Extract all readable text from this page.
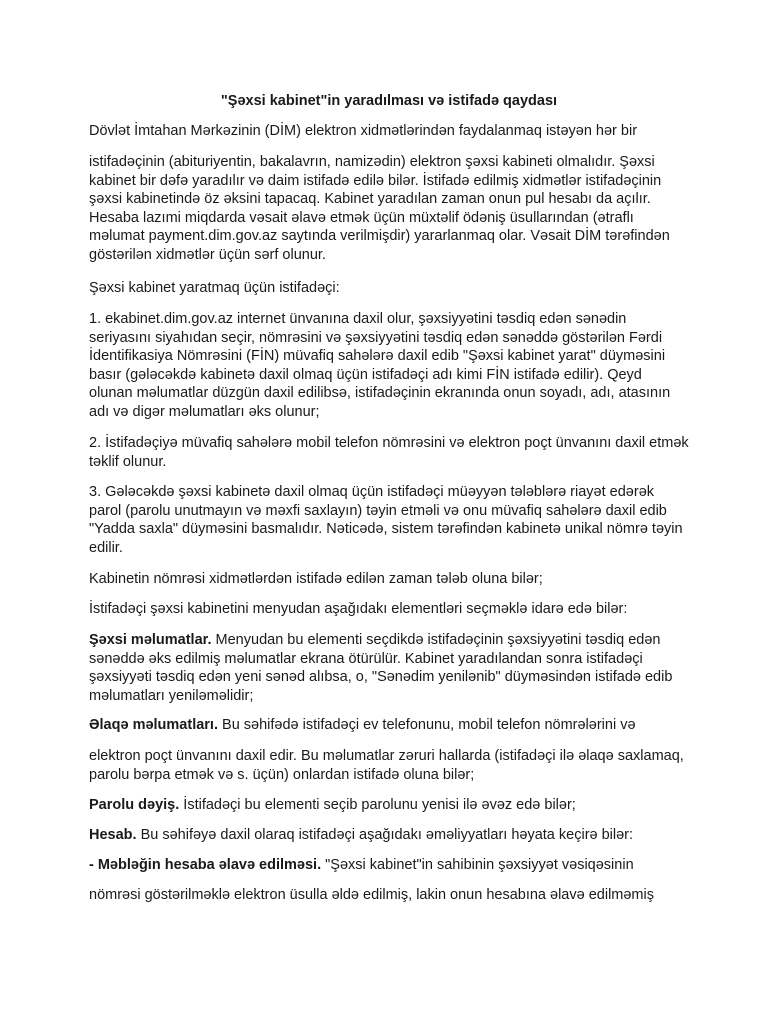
"Şəxsi kabinet"in yaradılması və istifadə qaydası

Dövlət İmtahan Mərkəzinin (DİM) elektron xidmətlərindən faydalanmaq istəyən hər bir

istifadəçinin (abituriyentin, bakalavrın, namizədin) elektron şəxsi kabineti olmalıdır. Şəxsi kabinet bir dəfə yaradılır və daim istifadə edilə bilər. İstifadə edilmiş xidmətlər istifadəçinin şəxsi kabinetində öz əksini tapacaq. Kabinet yaradılan zaman onun pul hesabı da açılır. Hesaba lazımi miqdarda vəsait əlavə etmək üçün müxtəlif ödəniş üsullarından (ətraflı məlumat payment.dim.gov.az saytında verilmişdir) yararlanmaq olar. Vəsait DİM tərəfindən göstərilən xidmətlər üçün sərf olunur.

Şəxsi kabinet yaratmaq üçün istifadəçi:

1. ekabinet.dim.gov.az internet ünvanına daxil olur, şəxsiyyətini təsdiq edən sənədin seriyasını siyahıdan seçir, nömrəsini və şəxsiyyətini təsdiq edən sənəddə göstərilən Fərdi İdentifikasiya Nömrəsini (FİN) müvafiq sahələrə daxil edib "Şəxsi kabinet yarat" düyməsini basır (gələcəkdə kabinetə daxil olmaq üçün istifadəçi adı kimi FİN istifadə edilir). Qeyd olunan məlumatlar düzgün daxil edilibsə, istifadəçinin ekranında onun soyadı, adı, atasının adı və digər məlumatları əks olunur;

2. İstifadəçiyə müvafiq sahələrə mobil telefon nömrəsini və elektron poçt ünvanını daxil etmək təklif olunur.

3. Gələcəkdə şəxsi kabinetə daxil olmaq üçün istifadəçi müəyyən tələblərə riayət edərək parol (parolu unutmayın və məxfi saxlayın) təyin etməli və onu müvafiq sahələrə daxil edib "Yadda saxla" düyməsini basmalıdır. Nəticədə, sistem tərəfindən kabinetə unikal nömrə təyin edilir.

Kabinetin nömrəsi xidmətlərdən istifadə edilən zaman tələb oluna bilər;

İstifadəçi şəxsi kabinetini menyudan aşağıdakı elementləri seçməklə idarə edə bilər:

Şəxsi məlumatlar. Menyudan bu elementi seçdikdə istifadəçinin şəxsiyyətini təsdiq edən sənəddə əks edilmiş məlumatlar ekrana ötürülür. Kabinet yaradılandan sonra istifadəçi şəxsiyyəti təsdiq edən yeni sənəd alıbsa, o, "Sənədim yenilənib" düyməsindən istifadə edib məlumatları yeniləməlidir;

Əlaqə məlumatları. Bu səhifədə istifadəçi ev telefonunu, mobil telefon nömrələrini və

elektron poçt ünvanını daxil edir. Bu məlumatlar zəruri hallarda (istifadəçi ilə əlaqə saxlamaq, parolu bərpa etmək və s. üçün) onlardan istifadə oluna bilər;

Parolu dəyiş. İstifadəçi bu elementi seçib parolunu yenisi ilə əvəz edə bilər;

Hesab. Bu səhifəyə daxil olaraq istifadəçi aşağıdakı əməliyyatları həyata keçirə bilər:

- Məbləğin hesaba əlavə edilməsi. "Şəxsi kabinet"in sahibinin şəxsiyyət vəsiqəsinin

nömrəsi göstərilməklə elektron üsulla əldə edilmiş, lakin onun hesabına əlavə edilməmiş
